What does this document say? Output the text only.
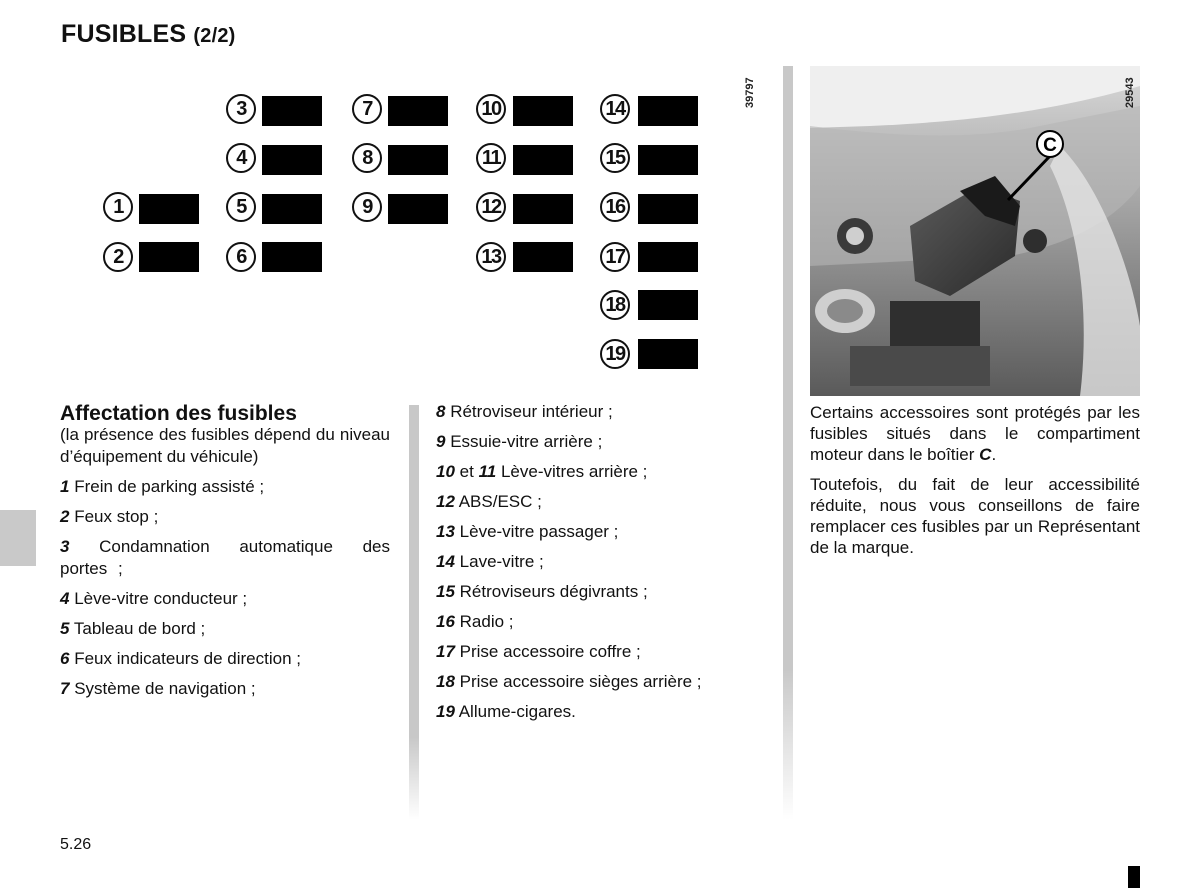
FUSIBLES (2/2)
1
2
3
4
5
6
7
8
9
10
11
12
13
14
15
16
17
18
19
39797
C
29543
Affectation des fusibles

(la présence des fusibles dépend du niveau d’équipement du véhicule)

1 Frein de parking assisté ;

2 Feux stop ;

3 Condamnation automatique des portes ;

4 Lève-vitre conducteur ;

5 Tableau de bord ;

6 Feux indicateurs de direction ;

7 Système de navigation ;

8 Rétroviseur intérieur ;

9 Essuie-vitre arrière ;

10 et 11 Lève-vitres arrière ;

12 ABS/ESC ;

13 Lève-vitre passager ;

14 Lave-vitre ;

15 Rétroviseurs dégivrants ;

16 Radio ;

17 Prise accessoire coffre ;

18 Prise accessoire sièges arrière ;

19 Allume-cigares.

Certains accessoires sont protégés par les fusibles situés dans le compartiment moteur dans le boîtier C.

Toutefois, du fait de leur accessibilité réduite, nous vous conseillons de faire remplacer ces fusibles par un Représentant de la marque.

5.26
